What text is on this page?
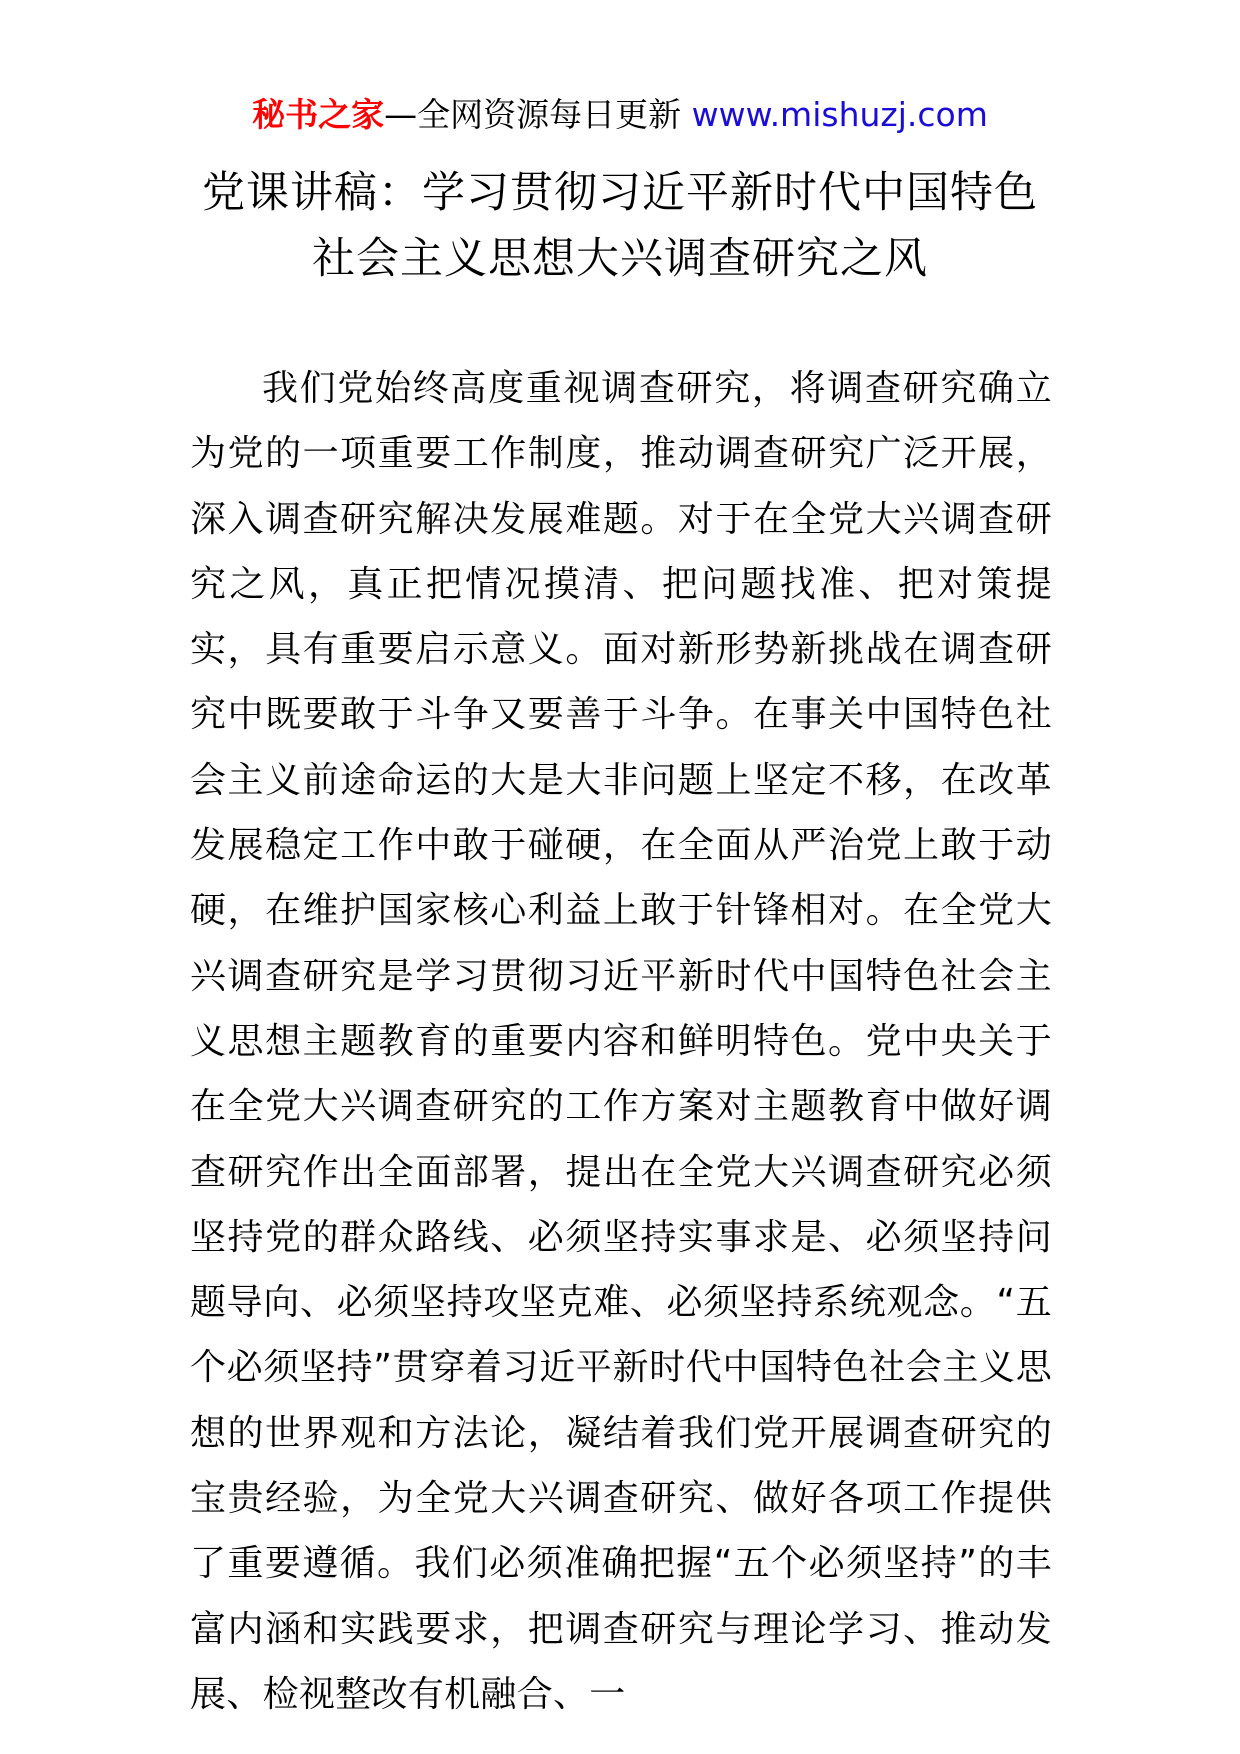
秘书之家—全网资源每日更新 www.mishuzj.com
党课讲稿：学习贯彻习近平新时代中国特色社会主义思想大兴调查研究之风

我们党始终高度重视调查研究，将调查研究确立为党的一项重要工作制度，推动调查研究广泛开展，深入调查研究解决发展难题。对于在全党大兴调查研究之风，真正把情况摸清、把问题找准、把对策提实，具有重要启示意义。面对新形势新挑战在调查研究中既要敢于斗争又要善于斗争。在事关中国特色社会主义前途命运的大是大非问题上坚定不移，在改革发展稳定工作中敢于碰硬，在全面从严治党上敢于动硬，在维护国家核心利益上敢于针锋相对。在全党大兴调查研究是学习贯彻习近平新时代中国特色社会主义思想主题教育的重要内容和鲜明特色。党中央关于在全党大兴调查研究的工作方案对主题教育中做好调查研究作出全面部署，提出在全党大兴调查研究必须坚持党的群众路线、必须坚持实事求是、必须坚持问题导向、必须坚持攻坚克难、必须坚持系统观念。“五个必须坚持”贯穿着习近平新时代中国特色社会主义思想的世界观和方法论，凝结着我们党开展调查研究的宝贵经验，为全党大兴调查研究、做好各项工作提供了重要遵循。我们必须准确把握“五个必须坚持”的丰富内涵和实践要求，把调查研究与理论学习、推动发展、检视整改有机融合、一
